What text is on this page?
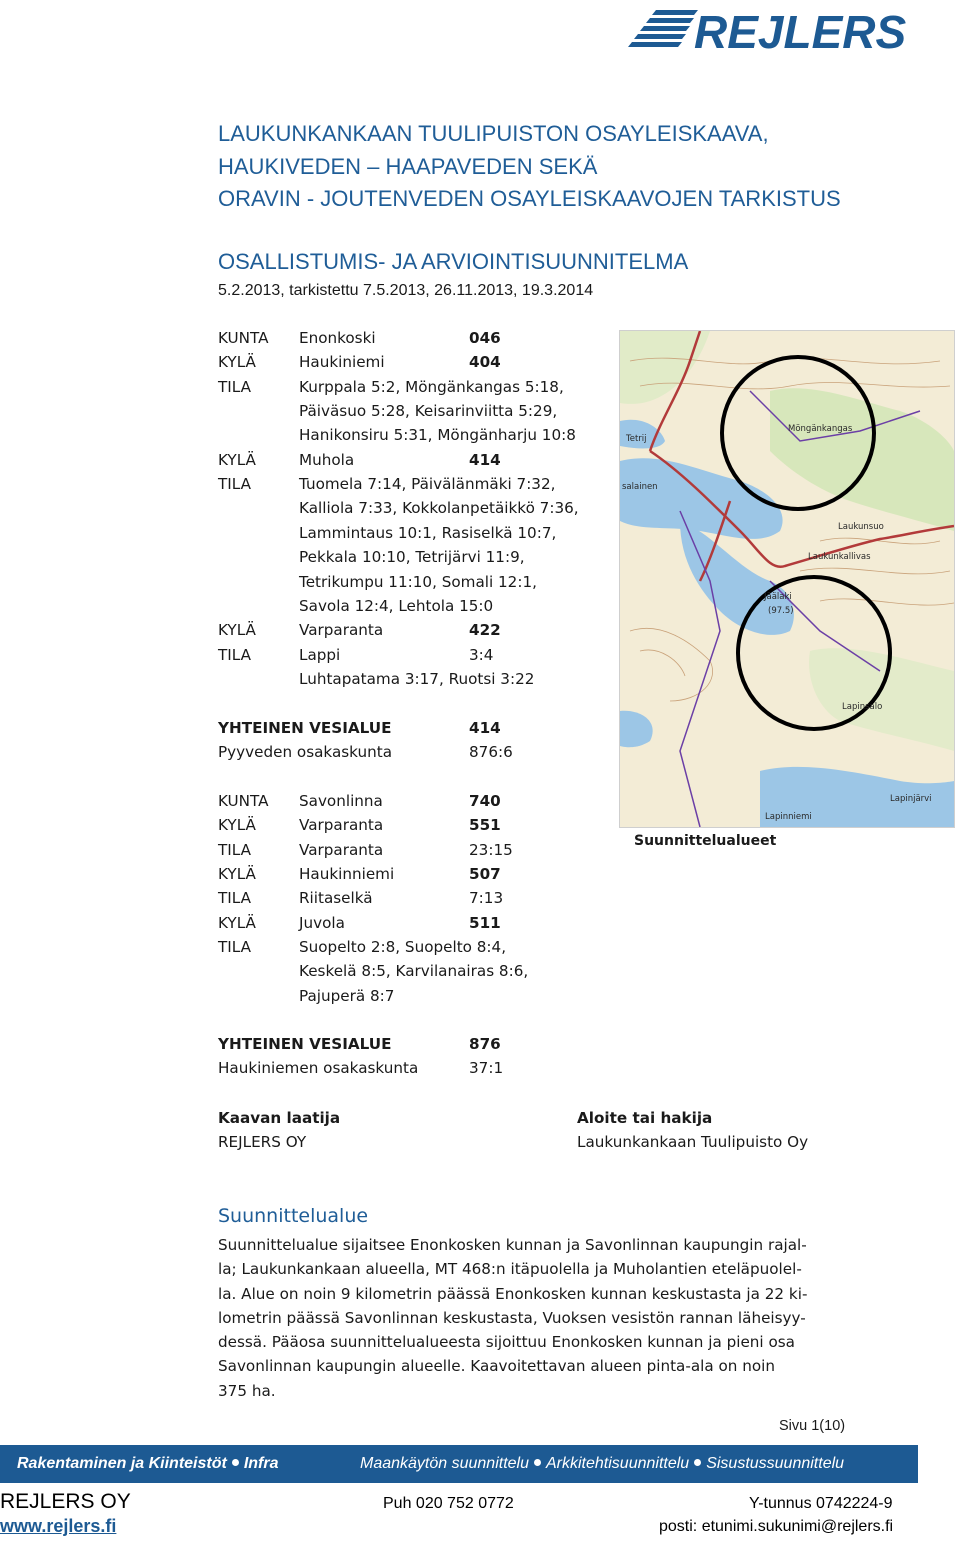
REJLERS
LAUKUNKANKAAN TUULIPUISTON OSAYLEISKAAVA,
HAUKIVEDEN – HAAPAVEDEN SEKÄ
ORAVIN - JOUTENVEDEN OSAYLEISKAAVOJEN TARKISTUS
OSALLISTUMIS- JA ARVIOINTISUUNNITELMA
5.2.2013, tarkistettu 7.5.2013, 26.11.2013, 19.3.2014
KUNTA Enonkoski	046
KYLÄ	Haukiniemi	404
TILA	Kurppala 5:2, Möngänkangas 5:18,
Päiväsuo 5:28, Keisarinviitta 5:29,
Hanikonsiru 5:31, Möngänharju 10:8
KYLÄ	Muhola	414
TILA	Tuomela 7:14, Päivälänmäki 7:32,
Kalliola 7:33, Kokkolanpetäikkö 7:36,
Lammintaus 10:1, Rasiselkä 10:7,
Pekkala 10:10, Tetrijärvi 11:9,
Tetrikumpu 11:10, Somali 12:1,
Savola 12:4, Lehtola 15:0
KYLÄ	Varparanta	422
TILA	Lappi	3:4
Luhtapatama 3:17, Ruotsi 3:22
YHTEINEN VESIALUE	414
Pyyveden osakaskunta	876:6
KUNTA Savonlinna	740
KYLÄ	Varparanta	551
TILA	Varparanta	23:15
KYLÄ	Haukinniemi	507
TILA	Riitaselkä	7:13
KYLÄ	Juvola	511
TILA	Suopelto 2:8, Suopelto 8:4,
Keskelä 8:5, Karvilanairas 8:6,
Pajuperä 8:7
YHTEINEN VESIALUE	876
Haukiniemen osakaskunta	37:1
Tetrij
Möngänkangas
Laukunsuo
Lapinsalo
Lapinjärvi
Lapinniemi
Jäälaki
(97.5)
Laukunkallivas
salainen
Suunnittelualueet
Kaavan laatija
REJLERS OY
Aloite tai hakija
Laukunkankaan Tuulipuisto Oy
Suunnittelualue
Suunnittelualue sijaitsee Enonkosken kunnan ja Savonlinnan kaupungin rajal-
la; Laukunkankaan alueella, MT 468:n itäpuolella ja Muholantien eteläpuolel-
la. Alue on noin 9 kilometrin päässä Enonkosken kunnan keskustasta ja 22 ki-
lometrin päässä Savonlinnan keskustasta, Vuoksen vesistön rannan läheisyy-
dessä. Pääosa suunnittelualueesta sijoittuu Enonkosken kunnan ja pieni osa
Savonlinnan kaupungin alueelle. Kaavoitettavan alueen pinta-ala on noin
375 ha.
Sivu 1(10)
Rakentaminen ja Kiinteistöt Infra	Maankäytön suunnittelu Arkkitehtisuunnittelu Sisustussuunnittelu
REJLERS OY
www.rejlers.fi
Puh 020 752 0772	Y-tunnus 0742224-9
posti: etunimi.sukunimi@rejlers.fi
